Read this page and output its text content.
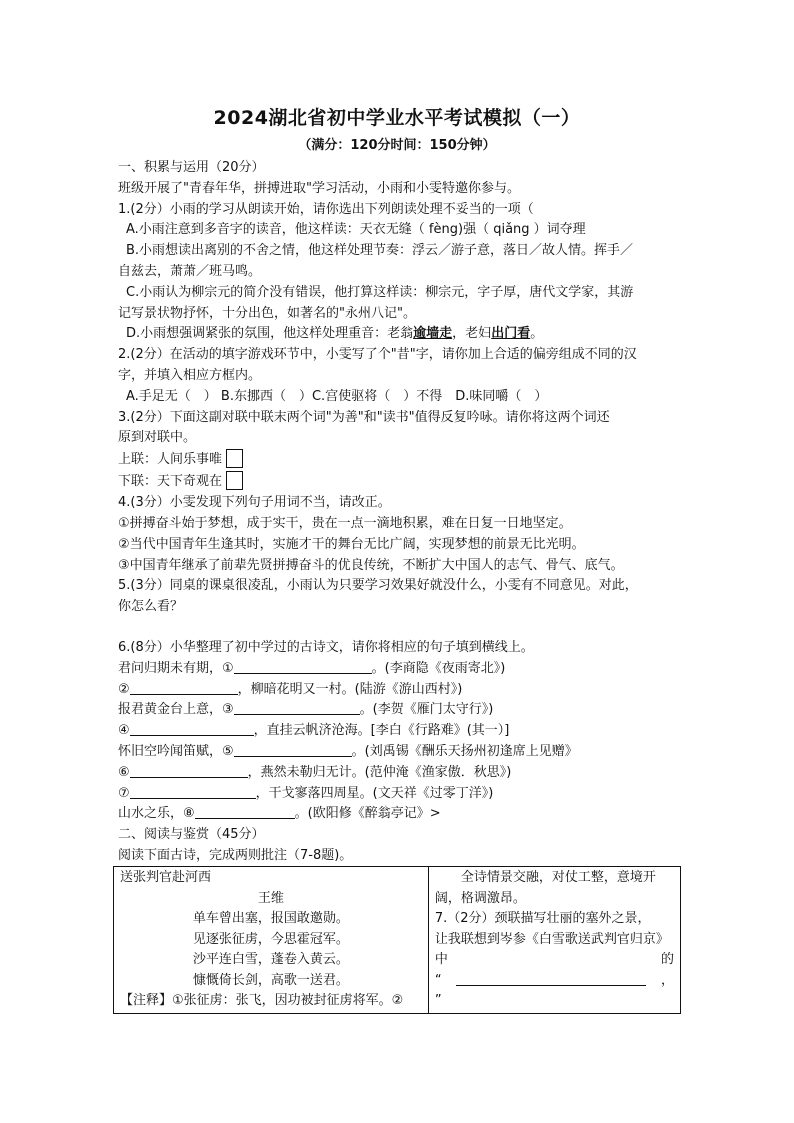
2024湖北省初中学业水平考试模拟（一）
（满分：120分时间：150分钟）

一、积累与运用（20分）

班级开展了"青春年华，拼搏进取"学习活动，小雨和小雯特邀你参与。

1.(2分）小雨的学习从朗读开始，请你选出下列朗读处理不妥当的一项（

A.小雨注意到多音字的读音，他这样读：天衣无缝（ fèng)强（ qiǎng ）词夺理

B.小雨想读出离别的不舍之情，他这样处理节奏：浮云／游子意，落日／故人情。挥手／

自兹去，萧萧／班马鸣。

C.小雨认为柳宗元的简介没有错误，他打算这样读：柳宗元，字子厚，唐代文学家，其游

记写景状物抒怀，十分出色，如著名的"永州八记"。

D.小雨想强调紧张的氛围，他这样处理重音：老翁逾墙走，老妇出门看。

2.(2分）在活动的填字游戏环节中，小雯写了个"昔"字，请你加上合适的偏旁组成不同的汉

字，并填入相应方框内。

A.手足无（　） B.东挪西（　）C.宫使驱将（　）不得　D.味同嚼（　）

3.(2分）下面这副对联中联末两个词"为善"和"读书"值得反复吟咏。请你将这两个词还

原到对联中。

上联：人间乐事唯

下联：天下奇观在

4.(3分）小雯发现下列句子用词不当，请改正。

①拼搏奋斗始于梦想，成于实干，贵在一点一滴地积累，难在日复一日地坚定。

②当代中国青年生逢其时，实施才干的舞台无比广阔，实现梦想的前景无比光明。

③中国青年继承了前辈先贤拼搏奋斗的优良传统，不断扩大中国人的志气、骨气、底气。

5.(3分）同桌的课桌很凌乱，小雨认为只要学习效果好就没什么，小雯有不同意见。对此，

你怎么看？

6.(8分）小华整理了初中学过的古诗文，请你将相应的句子填到横线上。

君问归期未有期，①	。(李商隐《夜雨寄北》)

②	，柳暗花明又一村。(陆游《游山西村》)

报君黄金台上意，③	。(李贺《雁门太守行》)

④	，直挂云帆济沧海。[李白《行路难》(其一）]

怀旧空吟闻笛赋，⑤	。(刘禹锡《酬乐天扬州初逢席上见赠》

⑥	，燕然未勒归无计。(范仲淹《渔家傲．秋思》)

⑦	，干戈寥落四周星。(文天祥《过零丁洋》)

山水之乐，⑧	。(欧阳修《醉翁亭记》>

二、阅读与鉴赏（45分）

阅读下面古诗，完成两则批注（7-8题)。

送张判官赴河西
王维
单车曾出塞，报国敢邀勋。
见逐张征虏，今思霍冠军。
沙平连白雪，蓬卷入黄云。
慷慨倚长剑，高歌一送君。
【注释】①张征虏：张飞，因功被封征虏将军。②

全诗情景交融，对仗工整，意境开
阔，格调激昂。
7.（2分）颈联描写壮丽的塞外之景，
让我联想到岑参《白雪歌送武判官归京》
中	的
“	，
”
